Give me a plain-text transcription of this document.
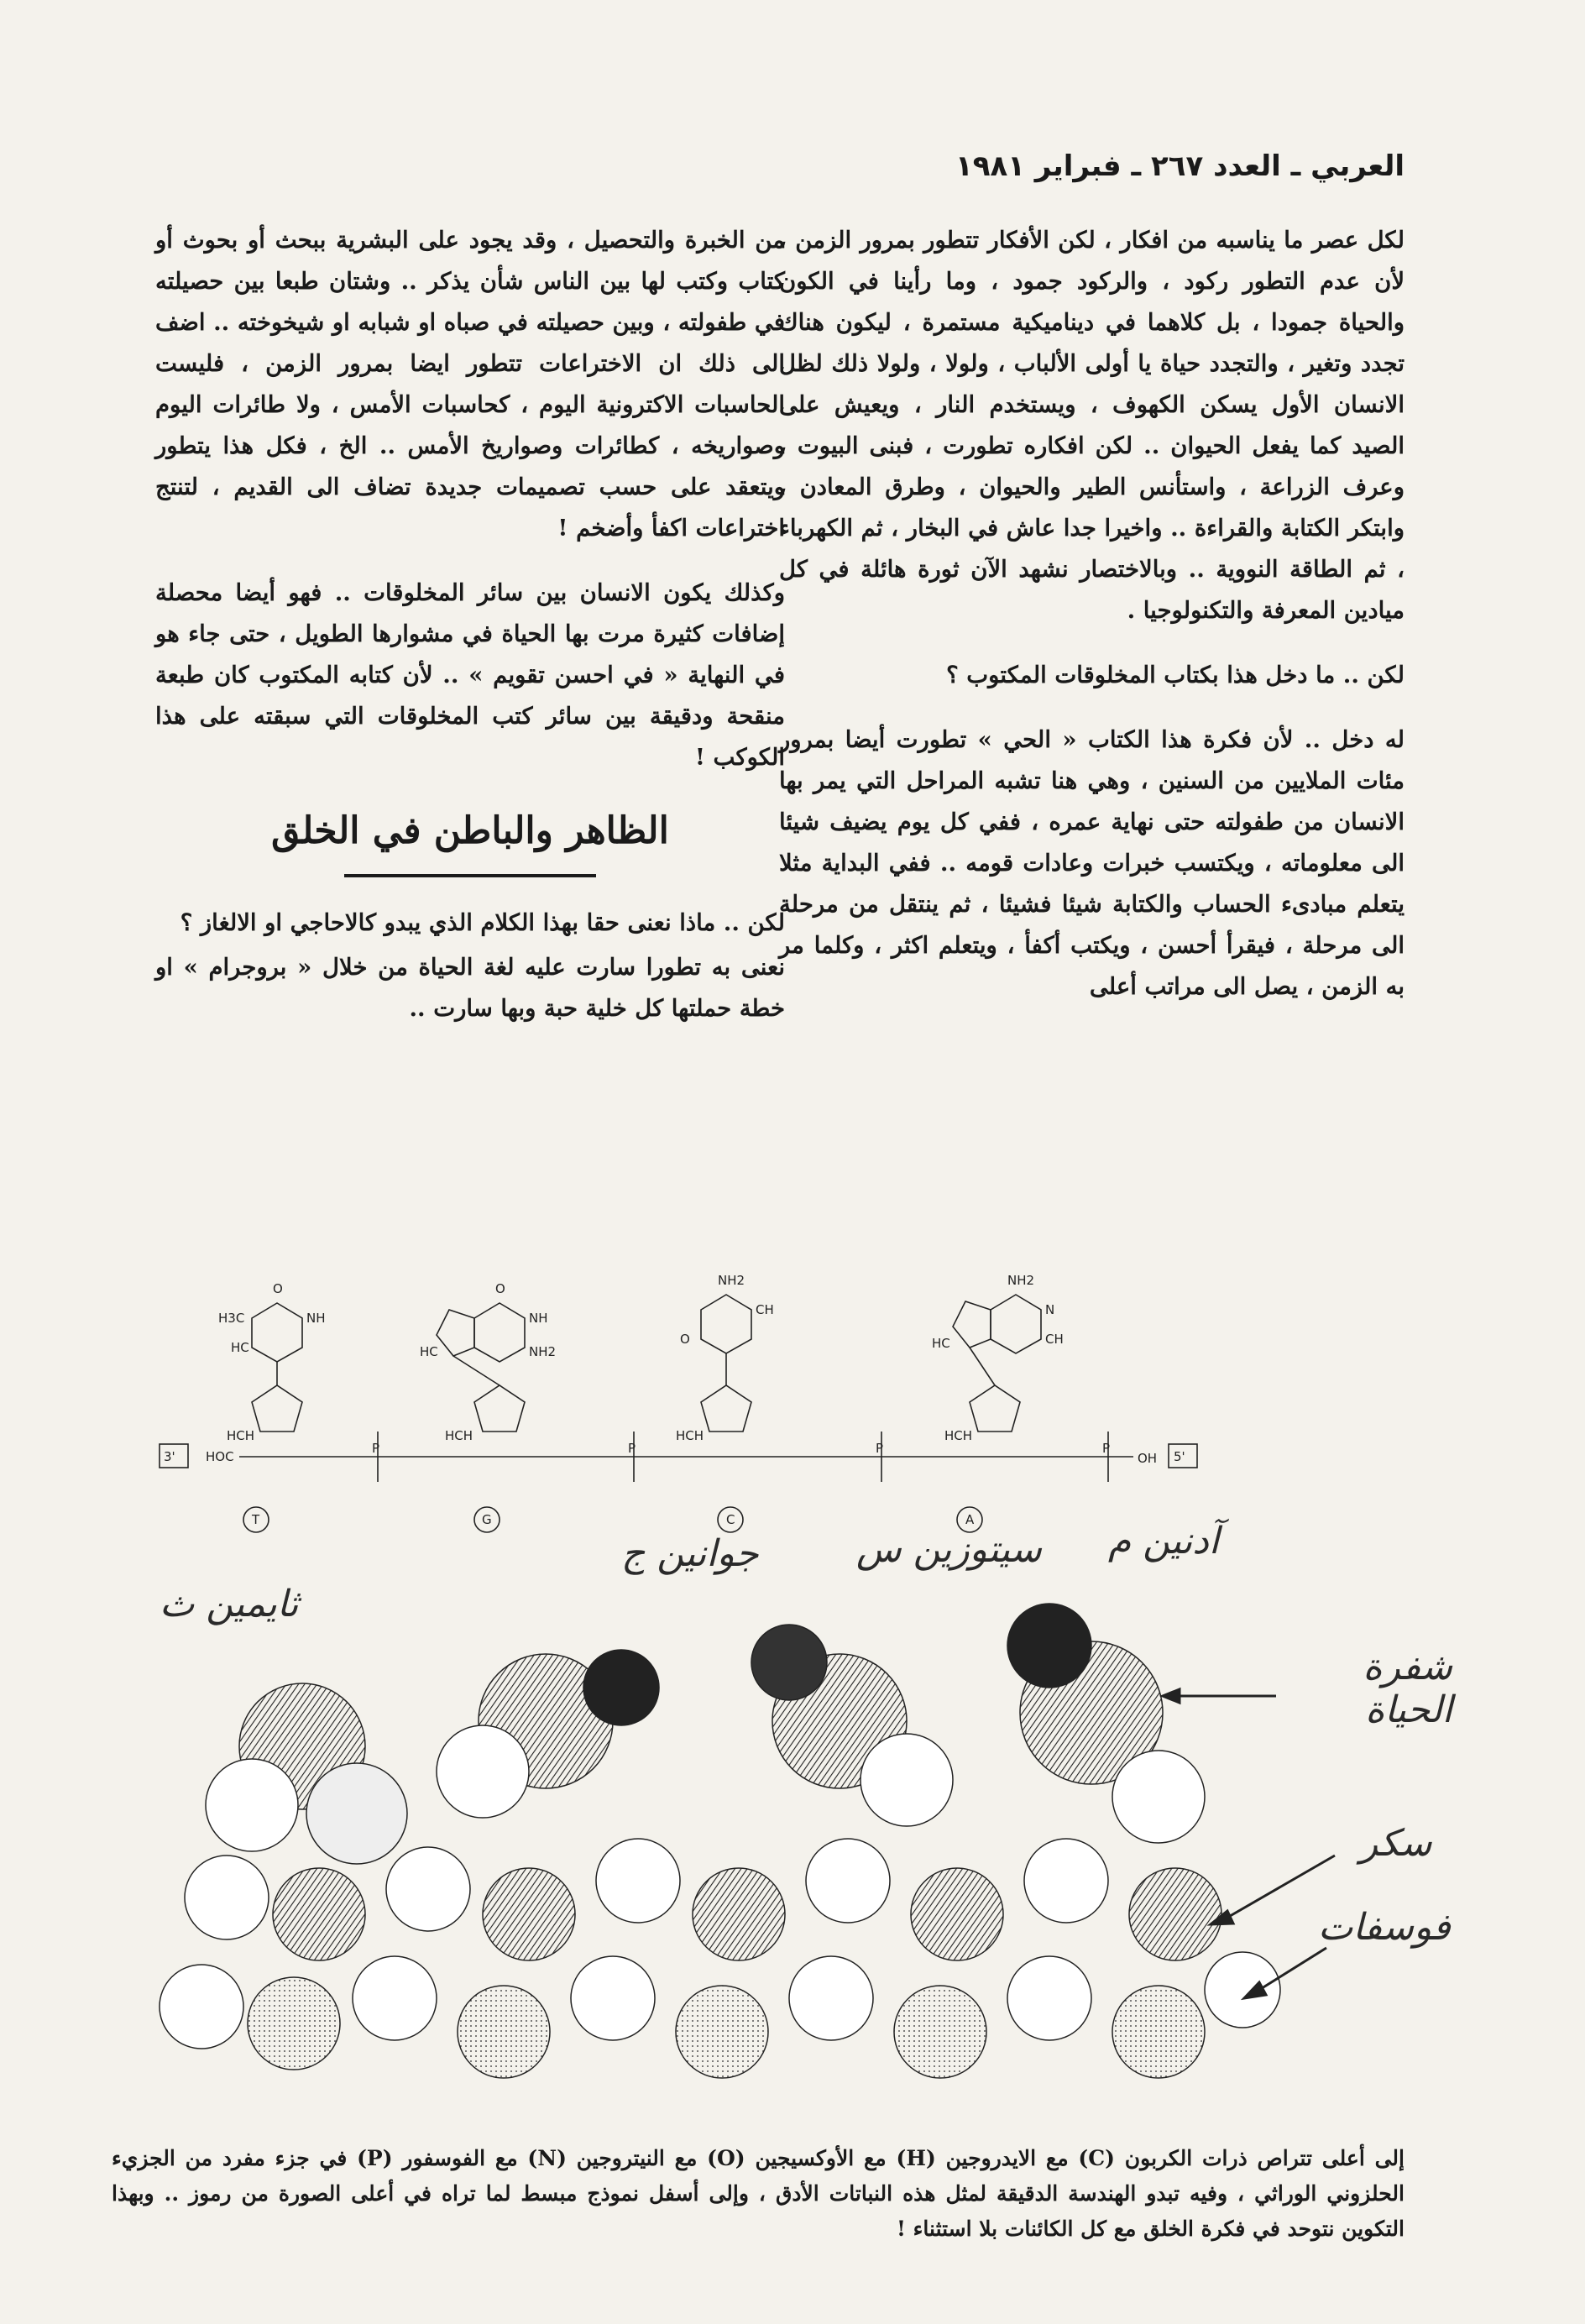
العربي ـ العدد ٢٦٧ ـ فبراير ١٩٨١

لكل عصر ما يناسبه من افكار ، لكن الأفكار تتطور بمرور الزمن ، لأن عدم التطور ركود ، والركود جمود ، وما رأينا في الكون والحياة جمودا ، بل كلاهما في ديناميكية مستمرة ، ليكون هناك تجدد وتغير ، والتجدد حياة يا أولى الألباب ، ولولا ، ولولا ذلك لظل الانسان الأول يسكن الكهوف ، ويستخدم النار ، ويعيش على الصيد كما يفعل الحيوان .. لكن افكاره تطورت ، فبنى البيوت ، وعرف الزراعة ، واستأنس الطير والحيوان ، وطرق المعادن ، وابتكر الكتابة والقراءة .. واخيرا جدا عاش في البخار ، ثم الكهرباء ، ثم الطاقة النووية .. وبالاختصار نشهد الآن ثورة هائلة في كل ميادين المعرفة والتكنولوجيا .

لكن .. ما دخل هذا بكتاب المخلوقات المكتوب ؟

له دخل .. لأن فكرة هذا الكتاب « الحي » تطورت أيضا بمرور مئات الملايين من السنين ، وهي هنا تشبه المراحل التي يمر بها الانسان من طفولته حتى نهاية عمره ، ففي كل يوم يضيف شيئا الى معلوماته ، ويكتسب خبرات وعادات قومه .. ففي البداية مثلا يتعلم مبادىء الحساب والكتابة شيئا فشيئا ، ثم ينتقل من مرحلة الى مرحلة ، فيقرأ أحسن ، ويكتب أكفأ ، ويتعلم اكثر ، وكلما مر به الزمن ، يصل الى مراتب أعلى

من الخبرة والتحصيل ، وقد يجود على البشرية ببحث أو بحوث أو كتاب وكتب لها بين الناس شأن يذكر .. وشتان طبعا بين حصيلته في طفولته ، وبين حصيلته في صباه او شبابه او شيخوخته .. اضف الى ذلك ان الاختراعات تتطور ايضا بمرور الزمن ، فليست الحاسبات الاكترونية اليوم ، كحاسبات الأمس ، ولا طائرات اليوم وصواريخه ، كطائرات وصواريخ الأمس .. الخ ، فكل هذا يتطور ويتعقد على حسب تصميمات جديدة تضاف الى القديم ، لتنتج اختراعات اكفأ وأضخم !

وكذلك يكون الانسان بين سائر المخلوقات .. فهو أيضا محصلة إضافات كثيرة مرت بها الحياة في مشوارها الطويل ، حتى جاء هو في النهاية « في احسن تقويم » .. لأن كتابه المكتوب كان طبعة منقحة ودقيقة بين سائر كتب المخلوقات التي سبقته على هذا الكوكب !

الظاهر والباطن في الخلق

لكن .. ماذا نعنى حقا بهذا الكلام الذي يبدو كالاحاجي او الالغاز ؟

نعنى به تطورا سارت عليه لغة الحياة من خلال « بروجرام » او خطة حملتها كل خلية حبة وبها سارت ..

O
NH
H3C
HC
O
NH
HC	NH2
NH2
CH
O
NH2
N
HC	CH
HCH
HOC
HCH	HCH	HCH
P	P	P	P
OH
3'	5'
T	G	C	A	آدنين م
سيتوزين س
جوانين ج
ثايمين ث
شفرة الحياة
سكر
فوسفات
إلى أعلى تتراص ذرات الكربون (C) مع الايدروجين (H) مع الأوكسيجين (O) مع النيتروجين (N) مع الفوسفور (P) في جزء مفرد من الجزيء الحلزوني الوراثي ، وفيه تبدو الهندسة الدقيقة لمثل هذه النباتات الأدق ، وإلى أسفل نموذج مبسط لما تراه في أعلى الصورة من رموز .. وبهذا التكوين نتوحد في فكرة الخلق مع كل الكائنات بلا استثناء !
